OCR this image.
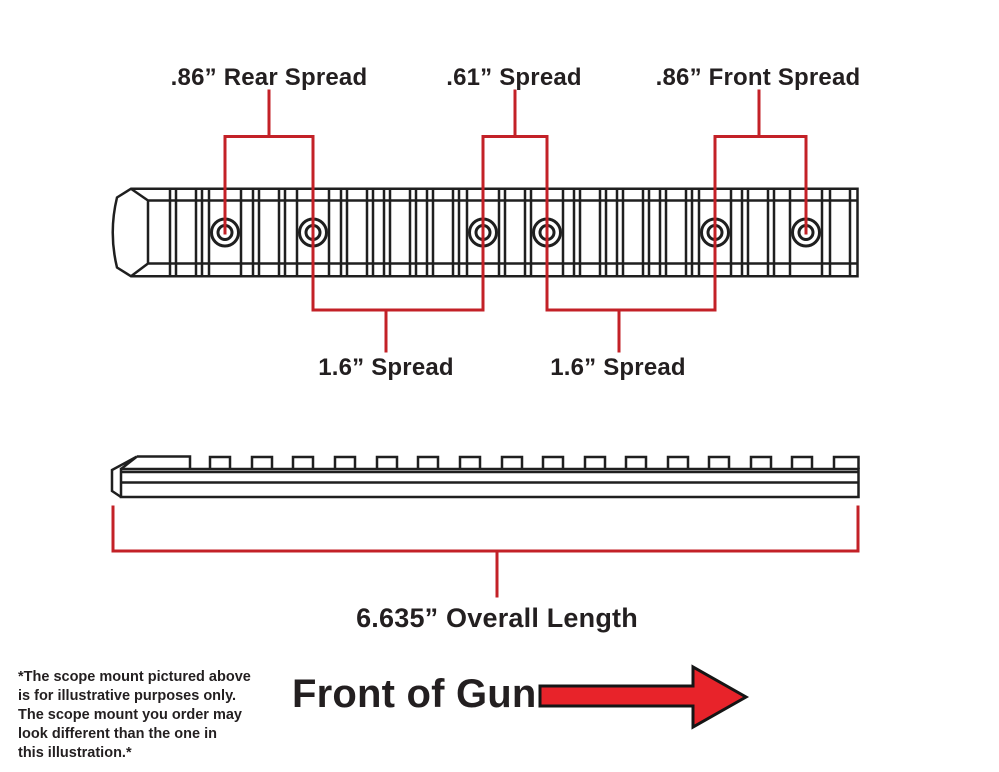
.86” Rear Spread	.61” Spread	.86” Front Spread
1.6” Spread	1.6” Spread
6.635” Overall Length
Front of Gun
*The scope mount pictured above
is for illustrative purposes only.
The scope mount you order may
look different than the one in
this illustration.*
